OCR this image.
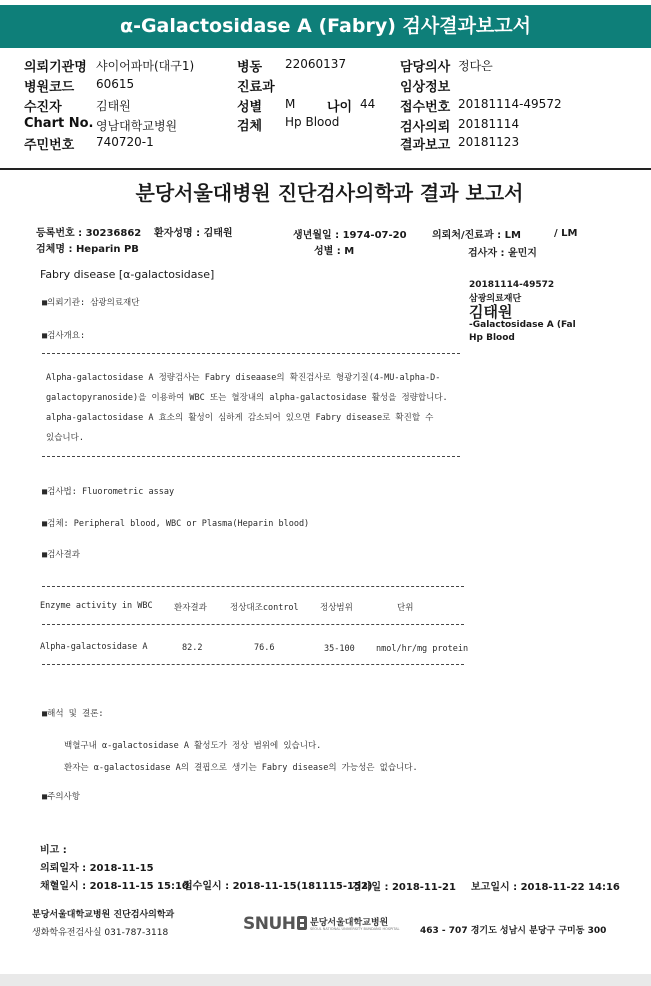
α-Galactosidase A (Fabry) 검사결과보고서
의뢰기관명 샤이어파마(대구1)
병원코드 60615
수진자	김태원
Chart No. 영남대학교병원
주민번호 740720-1
병동 22060137
진료과
성별 M 나이 44
검체 Hp Blood
담당의사 정다은
임상정보
접수번호 20181114-49572
검사의뢰 20181114
결과보고 20181123
분당서울대병원 진단검사의학과 결과 보고서
등록번호 : 30236862 환자성명 : 김태원	생년월일 : 1974-07-20	의뢰처/진료과 : LM	/ LM
검체명 : Heparin PB	성별 : M	검사자 : 윤민지
Fabry disease [α-galactosidase]
20181114-49572
삼광의료재단
김태원
-Galactosidase A (Fal
Hp Blood
■의뢰기관: 삼광의료재단
■검사개요:
Alpha-galactosidase A 정량검사는 Fabry diseaase의 확진검사로 형광기질(4-MU-alpha-D-
galactopyranoside)을 이용하여 WBC 또는 혈장내의 alpha-galactosidase 활성을 정량합니다.
alpha-galactosidase A 효소의 활성이 심하게 감소되어 있으면 Fabry disease로 확진할 수
있습니다.
■검사법: Fluorometric assay
■검체: Peripheral blood, WBC or Plasma(Heparin blood)
■검사결과
Enzyme activity in WBC	환자결과	정상대조control	정상범위	단위
Alpha-galactosidase A	82.2	76.6	35-100	nmol/hr/mg protein
■해석 및 결론:
백혈구내 α-galactosidase A 활성도가 정상 범위에 있습니다.
환자는 α-galactosidase A의 결핍으로 생기는 Fabry disease의 가능성은 없습니다.
■주의사항
비고 :
의뢰일자 : 2018-11-15
채혈일시 : 2018-11-15 15:10
접수일시 : 2018-11-15(181115-152)
검사일 : 2018-11-21 보고일시 : 2018-11-22 14:16
분당서울대학교병원 진단검사의학과
생화학유전검사실 031-787-3118	SNUH 분당서울대학교병원
SEOUL NATIONAL UNIVERSITY BUNDANG HOSPITAL 463 - 707 경기도 성남시 분당구 구미동 300
